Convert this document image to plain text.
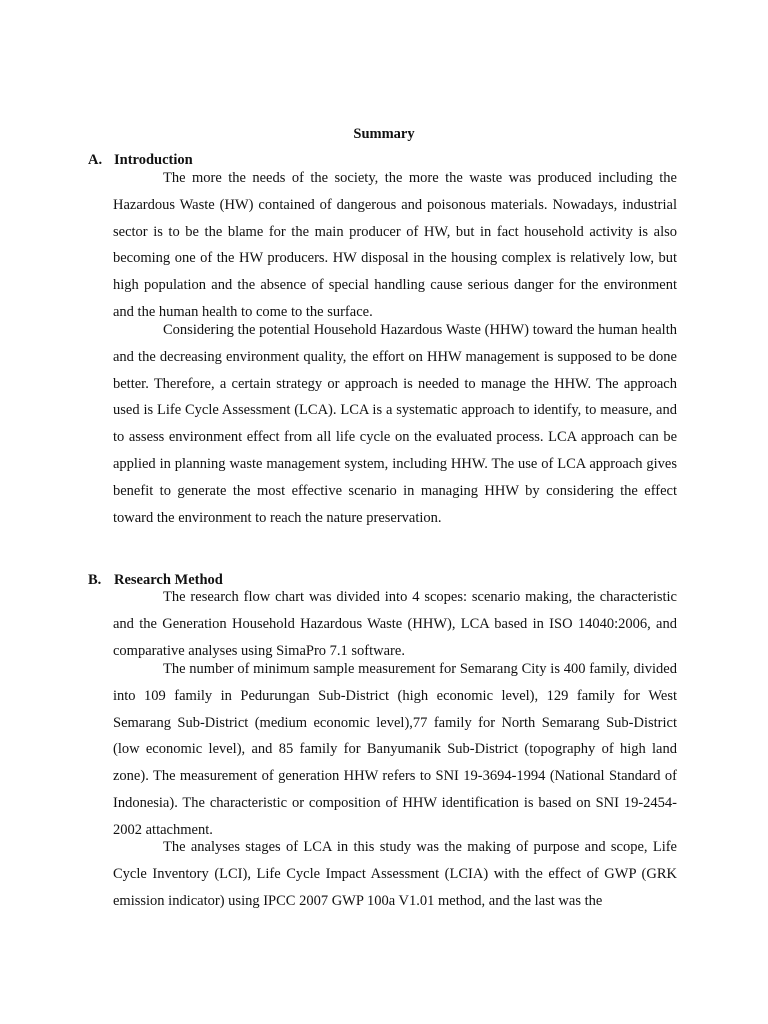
Summary
A. Introduction

The more the needs of the society, the more the waste was produced including the Hazardous Waste (HW) contained of dangerous and poisonous materials. Nowadays, industrial sector is to be the blame for the main producer of HW, but in fact household activity is also becoming one of the HW producers. HW disposal in the housing complex is relatively low, but high population and the absence of special handling cause serious danger for the environment and the human health to come to the surface.

Considering the potential Household Hazardous Waste (HHW) toward the human health and the decreasing environment quality, the effort on HHW management is supposed to be done better. Therefore, a certain strategy or approach is needed to manage the HHW. The approach used is Life Cycle Assessment (LCA). LCA is a systematic approach to identify, to measure, and to assess environment effect from all life cycle on the evaluated process. LCA approach can be applied in planning waste management system, including HHW. The use of LCA approach gives benefit to generate the most effective scenario in managing HHW by considering the effect toward the environment to reach the nature preservation.

B. Research Method

The research flow chart was divided into 4 scopes: scenario making, the characteristic and the Generation Household Hazardous Waste (HHW), LCA based in ISO 14040:2006, and comparative analyses using SimaPro 7.1 software.

The number of minimum sample measurement for Semarang City is 400 family, divided into 109 family in Pedurungan Sub-District (high economic level), 129 family for West Semarang Sub-District (medium economic level),77 family for North Semarang Sub-District (low economic level), and 85 family for Banyumanik Sub-District (topography of high land zone). The measurement of generation HHW refers to SNI 19-3694-1994 (National Standard of Indonesia). The characteristic or composition of HHW identification is based on SNI 19-2454-2002 attachment.

The analyses stages of LCA in this study was the making of purpose and scope, Life Cycle Inventory (LCI), Life Cycle Impact Assessment (LCIA) with the effect of GWP (GRK emission indicator) using IPCC 2007 GWP 100a V1.01 method, and the last was the
